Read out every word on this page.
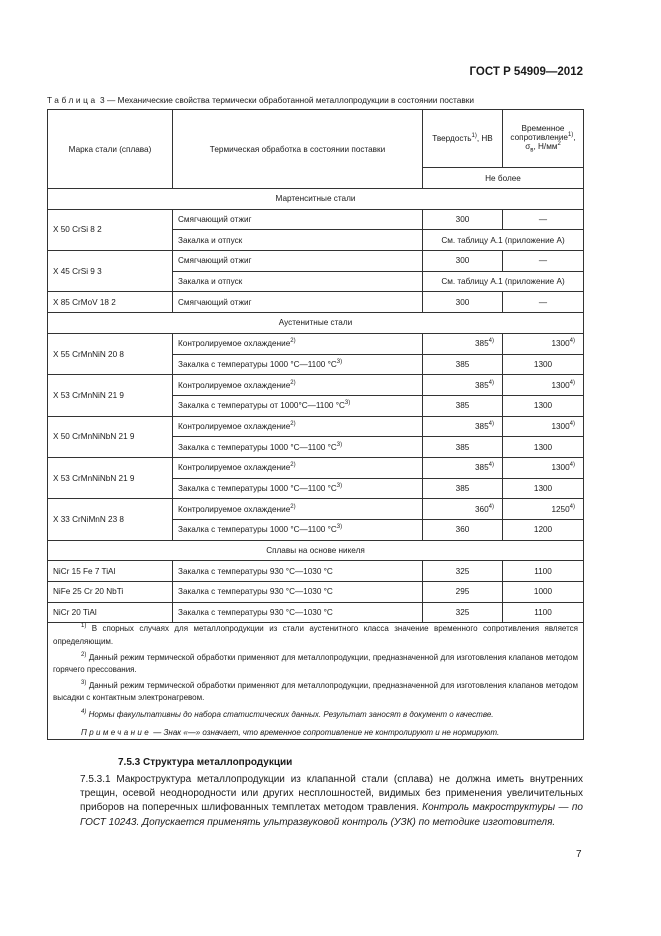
ГОСТ Р 54909—2012
Таблица 3 — Механические свойства термически обработанной металлопродукции в состоянии поставки
Марка стали (сплава)	Термическая обработка в состоянии поставки	Твердость$^{1)}$, НВ	Временное
сопротивление$^{1)}$,
$\sigma_в$, $Н/мм^2$
		Не более	
Мартенситные стали			
X 50 CrSi 8 2	Смягчающий отжиг	300	—
	Закалка и отпуск	См. таблицу А.1 (приложение А)	
X 45 CrSi 9 3	Смягчающий отжиг	300	—
	Закалка и отпуск	См. таблицу А.1 (приложение А)	
X 85 CrMoV 18 2	Смягчающий отжиг	300	—
Аустенитные стали			
X 55 CrMnNiN 20 8	Контролируемое охлаждение$^{2)}$	385$^{4)}$	1300$^{4)}$
	Закалка с температуры 1000 °С—1100 $^\circ С^{3)}$	385	1300
X 53 CrMnNiN 21 9	Контролируемое охлаждение$^{2)}$	385$^{4)}$	1300$^{4)}$
	Закалка с температуры от 1000°С—1100 $^\circ С^{3)}$	385	1300
X 50 CrMnNiNbN 21 9	Контролируемое охлаждение$^{2)}$	385$^{4)}$	1300$^{4)}$
	Закалка с температуры 1000 °С—1100 $^\circ С^{3)}$	385	1300
X 53 CrMnNiNbN 21 9	Контролируемое охлаждение$^{2)}$	385$^{4)}$	1300$^{4)}$
	Закалка с температуры 1000 °С—1100 $^\circ С^{3)}$	385	1300
X 33 CrNiMnN 23 8	Контролируемое охлаждение$^{2)}$	360$^{4)}$	1250$^{4)}$
	Закалка с температуры 1000 °С—1100 $^\circ С^{3)}$	360	1200
Сплавы на основе никеля			
NiCr 15 Fe 7 TiAl	Закалка с температуры 930 °С—1030 °С	325	1100
NiFe 25 Cr 20 NbTi	Закалка с температуры 930 °С—1030 °С	295	1000
NiCr 20 TiAl	Закалка с температуры 930 °С—1030 °С	325	1100

$^{1)}$ В спорных случаях для металлопродукции из стали аустенитного класса значение временного сопротивления является определяющим.

$^{2)}$ Данный режим термической обработки применяют для металлопродукции, предназначенной для изготовления клапанов методом горячего прессования.

$^{3)}$ Данный режим термической обработки применяют для металлопродукции, предназначенной для изготовления клапанов методом высадки с контактным электронагревом.

$^{4)}$ Нормы факультативны до набора статистических данных. Результат заносят в документ о качестве.

Примечание — Знак «—» означает, что временное сопротивление не контролируют и не нормируют.			

7.5.3 Структура металлопродукции
7.5.3.1 Макроструктура металлопродукции из клапанной стали (сплава) не должна иметь внутренних трещин, осевой неоднородности или других неcплошностей, видимых без применения увеличительных приборов на поперечных шлифованных темплетах методом травления. Контроль макроструктуры — по ГОСТ 10243. Допускается применять ультразвуковой контроль (УЗК) по методике изготовителя.
7
